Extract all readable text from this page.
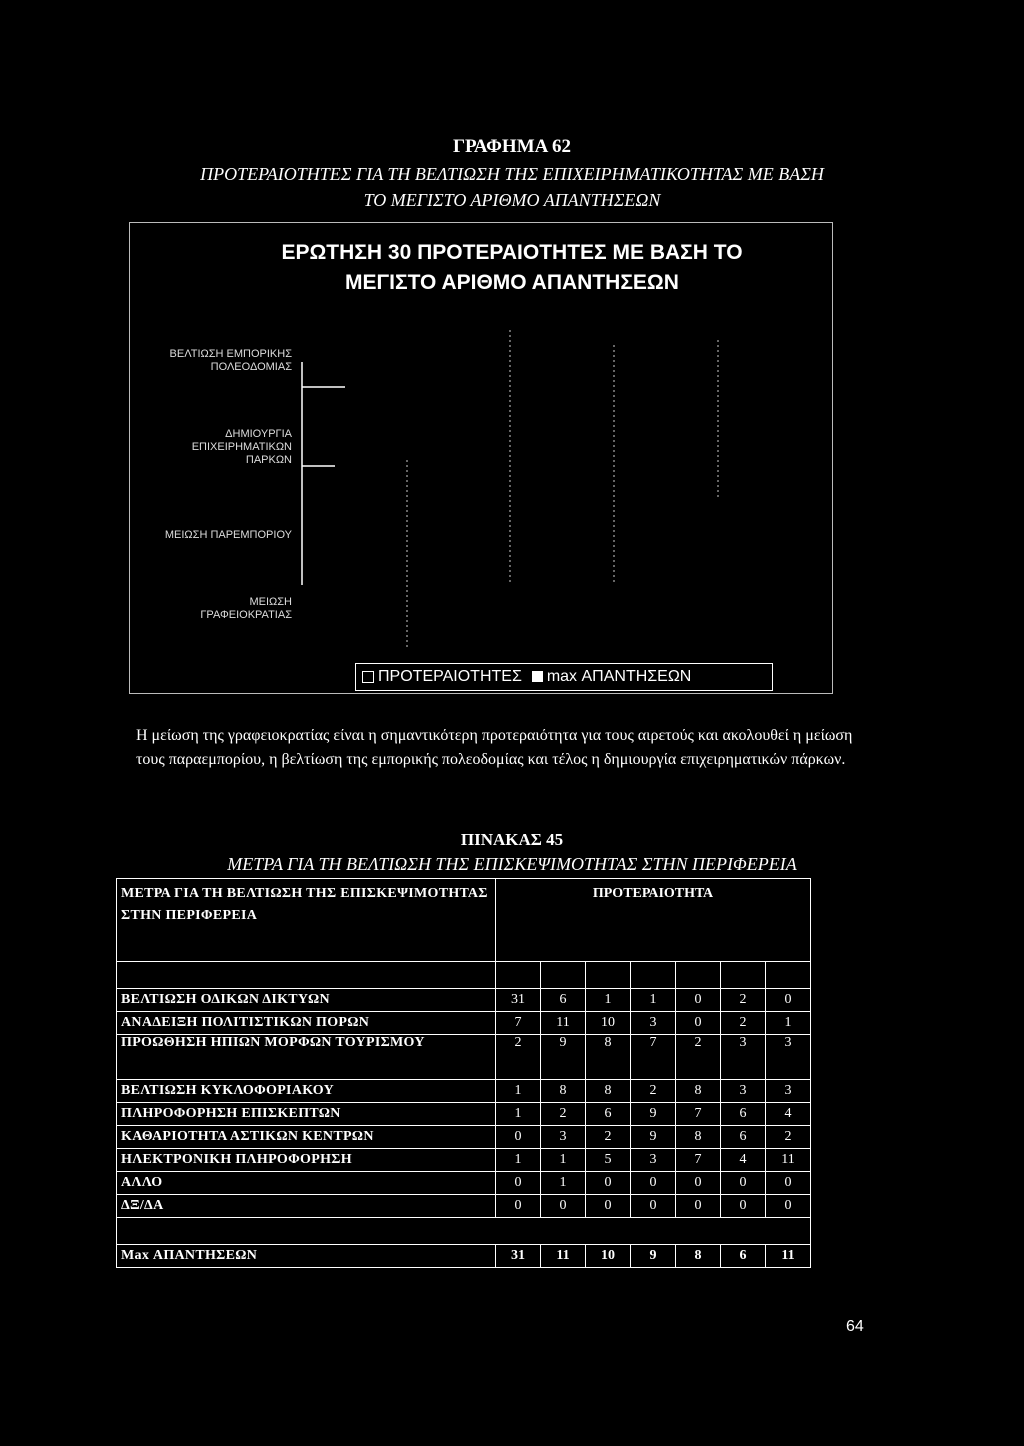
ΓΡΑΦΗΜΑ 62
ΠΡΟΤΕΡΑΙΟΤΗΤΕΣ ΓΙΑ ΤΗ ΒΕΛΤΙΩΣΗ ΤΗΣ ΕΠΙΧΕΙΡΗΜΑΤΙΚΟΤΗΤΑΣ ΜΕ ΒΑΣΗ
ΤΟ ΜΕΓΙΣΤΟ ΑΡΙΘΜΟ ΑΠΑΝΤΗΣΕΩΝ
ΕΡΩΤΗΣΗ 30 ΠΡΟΤΕΡΑΙΟΤΗΤΕΣ ΜΕ ΒΑΣΗ ΤΟ
ΜΕΓΙΣΤΟ ΑΡΙΘΜΟ ΑΠΑΝΤΗΣΕΩΝ
ΒΕΛΤΙΩΣΗ ΕΜΠΟΡΙΚΗΣ
ΠΟΛΕΟΔΟΜΙΑΣ
ΔΗΜΙΟΥΡΓΙΑ
ΕΠΙΧΕΙΡΗΜΑΤΙΚΩΝ
ΠΑΡΚΩΝ
ΜΕΙΩΣΗ ΠΑΡΕΜΠΟΡΙΟΥ
ΜΕΙΩΣΗ
ΓΡΑΦΕΙΟΚΡΑΤΙΑΣ
ΠΡΟΤΕΡΑΙΟΤΗΤΕΣ max ΑΠΑΝΤΗΣΕΩΝ
Η μείωση της γραφειοκρατίας είναι η σημαντικότερη προτεραιότητα για τους αιρετούς και ακολουθεί η μείωση τους παραεμπορίου, η βελτίωση της εμπορικής πολεοδομίας και τέλος η δημιουργία επιχειρηματικών πάρκων.
ΠΙΝΑΚΑΣ 45
ΜΕΤΡΑ ΓΙΑ ΤΗ ΒΕΛΤΙΩΣΗ ΤΗΣ ΕΠΙΣΚΕΨΙΜΟΤΗΤΑΣ ΣΤΗΝ ΠΕΡΙΦΕΡΕΙΑ
ΜΕΤΡΑ ΓΙΑ ΤΗ ΒΕΛΤΙΩΣΗ ΤΗΣ ΕΠΙΣΚΕΨΙΜΟΤΗΤΑΣ ΣΤΗΝ ΠΕΡΙΦΕΡΕΙΑ	ΠΡΟΤΕΡΑΙΟΤΗΤΑ						

ΒΕΛΤΙΩΣΗ ΟΔΙΚΩΝ ΔΙΚΤΥΩΝ	31	6	1	1	0	2	0
ΑΝΑΔΕΙΞΗ ΠΟΛΙΤΙΣΤΙΚΩΝ ΠΟΡΩΝ	7	11	10	3	0	2	1
ΠΡΟΩΘΗΣΗ ΗΠΙΩΝ ΜΟΡΦΩΝ ΤΟΥΡΙΣΜΟΥ	2	9	8	7	2	3	3
ΒΕΛΤΙΩΣΗ ΚΥΚΛΟΦΟΡΙΑΚΟΥ	1	8	8	2	8	3	3
ΠΛΗΡΟΦΟΡΗΣΗ ΕΠΙΣΚΕΠΤΩΝ	1	2	6	9	7	6	4
ΚΑΘΑΡΙΟΤΗΤΑ ΑΣΤΙΚΩΝ ΚΕΝΤΡΩΝ	0	3	2	9	8	6	2
ΗΛΕΚΤΡΟΝΙΚΗ ΠΛΗΡΟΦΟΡΗΣΗ	1	1	5	3	7	4	11
ΑΛΛΟ	0	1	0	0	0	0	0
ΔΞ/ΔΑ	0	0	0	0	0	0	0

Max ΑΠΑΝΤΗΣΕΩΝ	31	11	10	9	8	6	11
64
